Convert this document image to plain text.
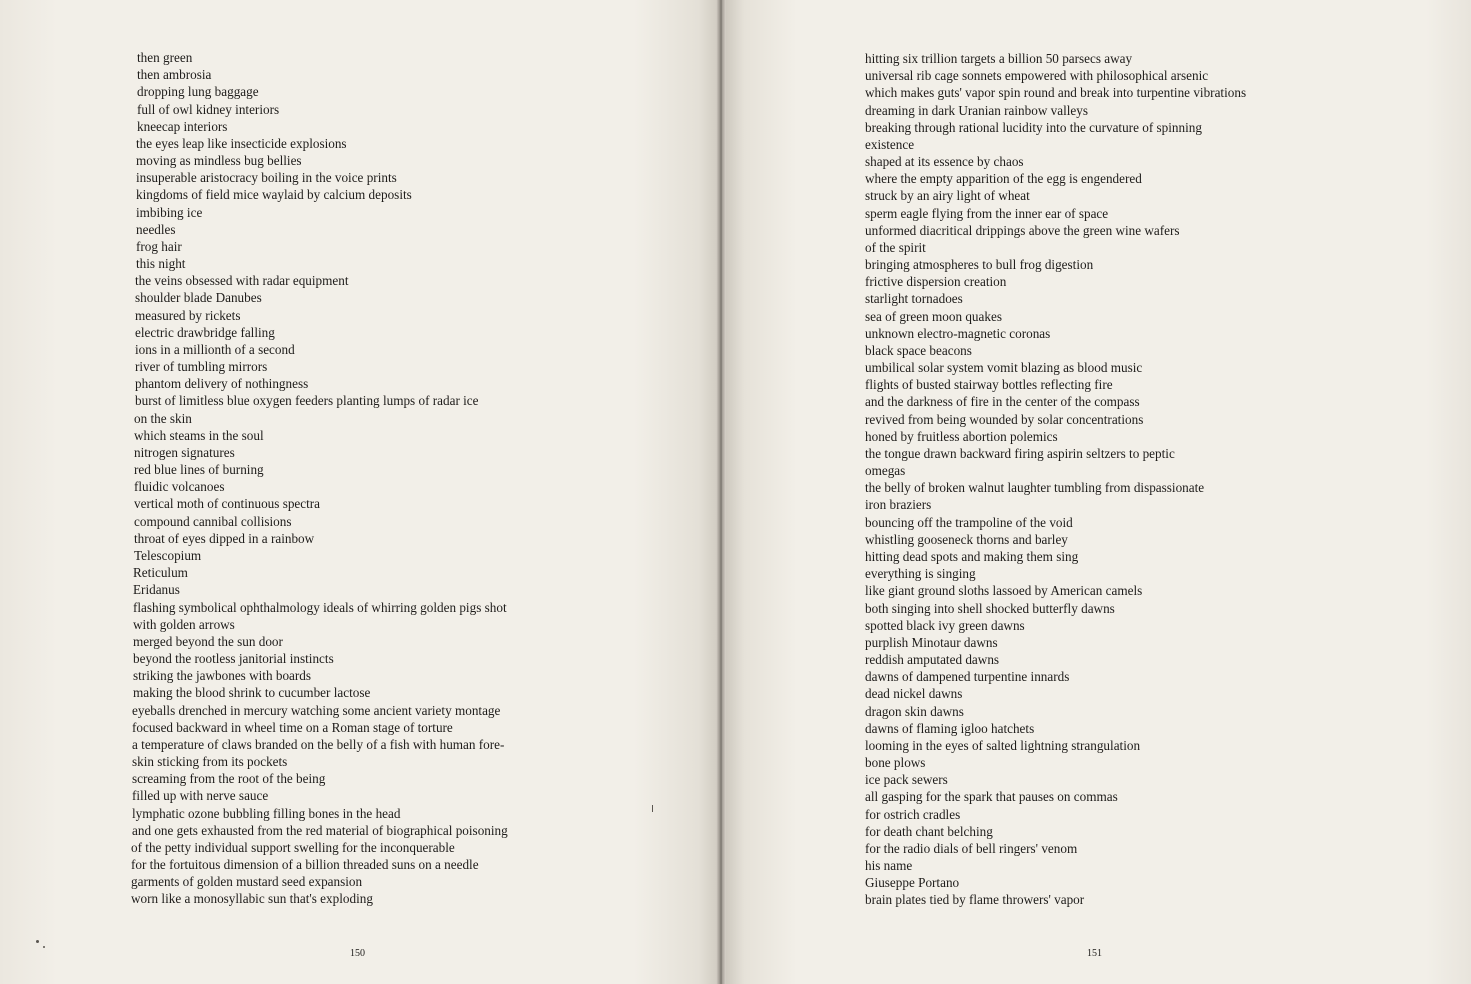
then green
then ambrosia
dropping lung baggage
full of owl kidney interiors
kneecap interiors
the eyes leap like insecticide explosions
moving as mindless bug bellies
insuperable aristocracy boiling in the voice prints
kingdoms of field mice waylaid by calcium deposits
imbibing ice
needles
frog hair
this night
the veins obsessed with radar equipment
shoulder blade Danubes
measured by rickets
electric drawbridge falling
ions in a millionth of a second
river of tumbling mirrors
phantom delivery of nothingness
burst of limitless blue oxygen feeders planting lumps of radar ice
on the skin
which steams in the soul
nitrogen signatures
red blue lines of burning
fluidic volcanoes
vertical moth of continuous spectra
compound cannibal collisions
throat of eyes dipped in a rainbow
Telescopium
Reticulum
Eridanus
flashing symbolical ophthalmology ideals of whirring golden pigs shot
with golden arrows
merged beyond the sun door
beyond the rootless janitorial instincts
striking the jawbones with boards
making the blood shrink to cucumber lactose
eyeballs drenched in mercury watching some ancient variety montage
focused backward in wheel time on a Roman stage of torture
a temperature of claws branded on the belly of a fish with human fore-
skin sticking from its pockets
screaming from the root of the being
filled up with nerve sauce
lymphatic ozone bubbling filling bones in the head
and one gets exhausted from the red material of biographical poisoning
of the petty individual support swelling for the inconquerable
for the fortuitous dimension of a billion threaded suns on a needle
garments of golden mustard seed expansion
worn like a monosyllabic sun that's exploding
150	151
hitting six trillion targets a billion 50 parsecs away
universal rib cage sonnets empowered with philosophical arsenic
which makes guts' vapor spin round and break into turpentine vibrations
dreaming in dark Uranian rainbow valleys
breaking through rational lucidity into the curvature of spinning
existence
shaped at its essence by chaos
where the empty apparition of the egg is engendered
struck by an airy light of wheat
sperm eagle flying from the inner ear of space
unformed diacritical drippings above the green wine wafers
of the spirit
bringing atmospheres to bull frog digestion
frictive dispersion creation
starlight tornadoes
sea of green moon quakes
unknown electro-magnetic coronas
black space beacons
umbilical solar system vomit blazing as blood music
flights of busted stairway bottles reflecting fire
and the darkness of fire in the center of the compass
revived from being wounded by solar concentrations
honed by fruitless abortion polemics
the tongue drawn backward firing aspirin seltzers to peptic
omegas
the belly of broken walnut laughter tumbling from dispassionate
iron braziers
bouncing off the trampoline of the void
whistling gooseneck thorns and barley
hitting dead spots and making them sing
everything is singing
like giant ground sloths lassoed by American camels
both singing into shell shocked butterfly dawns
spotted black ivy green dawns
purplish Minotaur dawns
reddish amputated dawns
dawns of dampened turpentine innards
dead nickel dawns
dragon skin dawns
dawns of flaming igloo hatchets
looming in the eyes of salted lightning strangulation
bone plows
ice pack sewers
all gasping for the spark that pauses on commas
for ostrich cradles
for death chant belching
for the radio dials of bell ringers' venom
his name
Giuseppe Portano
brain plates tied by flame throwers' vapor
